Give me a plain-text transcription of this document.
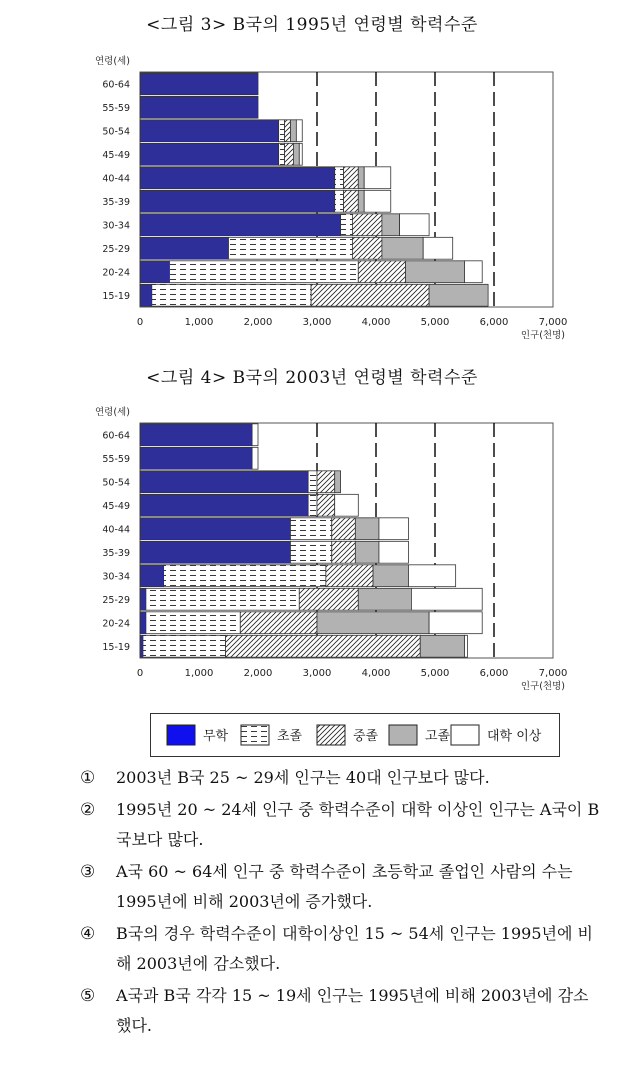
<그림 3> B국의 1995년 연령별 학력수준
60-64
55-59
50-54
45-49
40-44
35-39
30-34
25-29
20-24
15-19
연령(세)
0	1,000	2,000	3,000	4,000	5,000	6,000	7,000
인구(천명)
<그림 4> B국의 2003년 연령별 학력수준
60-64
55-59
50-54
45-49
40-44
35-39
30-34
25-29
20-24
15-19
연령(세)
0	1,000	2,000	3,000	4,000	5,000	6,000	7,000
인구(천명)
무학	초졸	중졸	고졸	대학 이상
①	2003년 B국 25 ~ 29세 인구는 40대 인구보다 많다.
②	1995년 20 ~ 24세 인구 중 학력수준이 대학 이상인 인구는 A국이 B국보다 많다.
③	A국 60 ~ 64세 인구 중 학력수준이 초등학교 졸업인 사람의 수는 1995년에 비해 2003년에 증가했다.
④	B국의 경우 학력수준이 대학이상인 15 ~ 54세 인구는 1995년에 비해 2003년에 감소했다.
⑤	A국과 B국 각각 15 ~ 19세 인구는 1995년에 비해 2003년에 감소했다.
